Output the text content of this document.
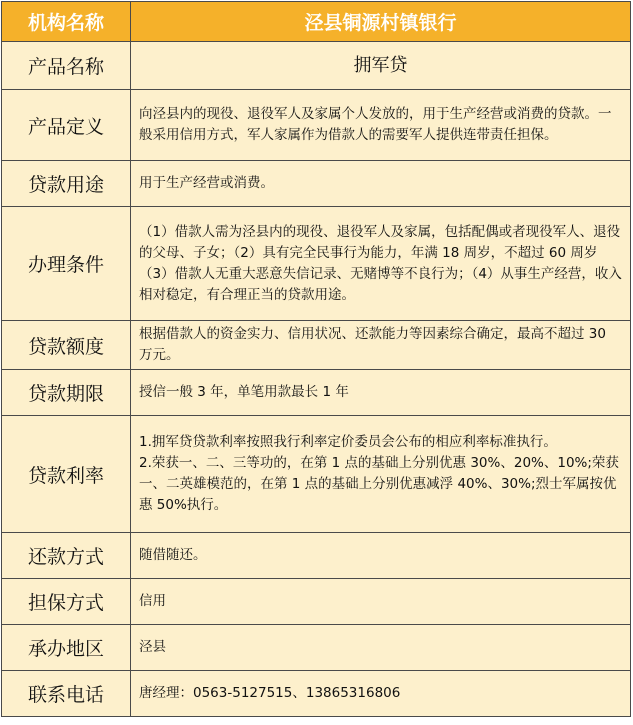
机构名称	泾县铜源村镇银行
产品名称	拥军贷
产品定义	向泾县内的现役、退役军人及家属个人发放的，用于生产经营或消费的贷款。一般采用信用方式，军人家属作为借款人的需要军人提供连带责任担保。
贷款用途	用于生产经营或消费。
办理条件	（1）借款人需为泾县内的现役、退役军人及家属，包括配偶或者现役军人、退役的父母、子女；（2）具有完全民事行为能力，年满 18 周岁，不超过 60 周岁（3）借款人无重大恶意失信记录、无赌博等不良行为；（4）从事生产经营，收入相对稳定，有合理正当的贷款用途。
贷款额度	根据借款人的资金实力、信用状况、还款能力等因素综合确定，最高不超过 30 万元。
贷款期限	授信一般 3 年，单笔用款最长 1 年
贷款利率	1.拥军贷贷款利率按照我行利率定价委员会公布的相应利率标准执行。
2.荣获一、二、三等功的，在第 1 点的基础上分别优惠 30%、20%、10%;荣获一、二英雄模范的，在第 1 点的基础上分别优惠减浮 40%、30%;烈士军属按优惠 50%执行。

还款方式	随借随还。
担保方式	信用
承办地区	泾县
联系电话	唐经理：0563-5127515、13865316806
